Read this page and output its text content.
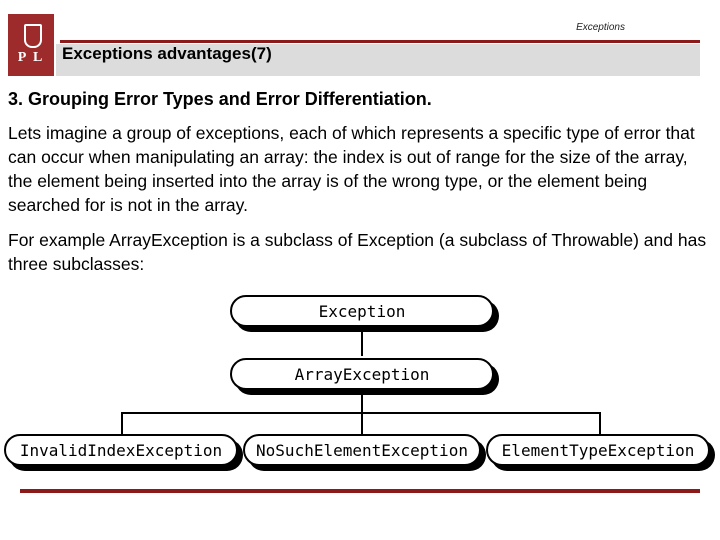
Exceptions
P L	Exceptions advantages(7)
3. Grouping Error Types and Error Differentiation.
Lets imagine a group of exceptions, each of which represents a specific type of error that can occur when manipulating an array: the index is out of range for the size of the array, the element being inserted into the array is of the wrong type, or the element being searched for is not in the array.
For example ArrayException is a subclass of Exception (a subclass of Throwable) and has three subclasses:
Exception
ArrayException
InvalidIndexException	NoSuchElementException	ElementTypeException
